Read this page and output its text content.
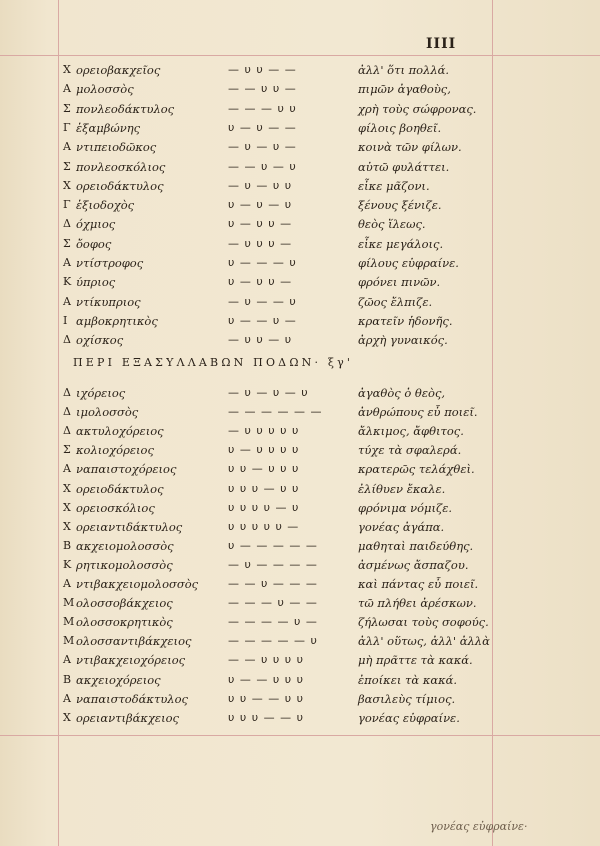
IIII
Χ ορειοβακχεῖος	— υ υ — —	ἀλλ' ὅτι πολλά.
Α μολοσσὸς	— — υ υ —	πιμῶν ἀγαθοὺς,
Σ πονλεοδάκτυλος	— — — υ υ	χρὴ τοὺς σώφρονας.
Γ ἑξαμβώνης	υ — υ — —	φίλοις βοηθεῖ.
Α ντιπειοδῶκος	— υ — υ —	κοινὰ τῶν φίλων.
Σ πονλεοσκόλιος	— — υ — υ	αὐτῶ φυλάττει.
Χ ορειοδάκτυλος	— υ — υ υ	εἶκε μᾶζονι.
Γ ἑξιοδοχὸς	υ — υ — υ	ξένους ξένιζε.
Δ όχμιος	υ — υ υ —	θεὸς ἵλεως.
Σ ὄοφος	— υ υ υ —	εἶκε μεγάλοις.
Α ντίστροφος	υ — — — υ	φίλους εὐφραίνε.
Κ ύπριος	υ — υ υ —	φρόνει πινῶν.
Α ντίκυπριος	— υ — — υ	ζῶος ἔλπιζε.
Ι αμβοκρητικὸς	υ — — υ —	κρατεῖν ἡδονῆς.
Δ οχίσκος	— υ υ — υ	ἀρχὴ γυναικός.
ΠΕΡΙ ΕΞΑΣΥΛΛΑΒΩΝ ΠΟΔΩΝ· ξγ'
Δ ιχόρειος	— υ — υ — υ	ἀγαθὸς ὁ θεὸς,
Δ ιμολοσσὸς	— — — — — —	ἀνθρώπους εὖ ποιεῖ.
Δ ακτυλοχόρειος	— υ υ υ υ υ	ἄλκιμος, ἄφθιτος.
Σ κολιοχόρειος	υ — υ υ υ υ	τύχε τὰ σφαλερά.
Α ναπαιστοχόρειος	υ υ — υ υ υ	κρατερῶς τελάχθεὶ.
Χ ορειοδάκτυλος	υ υ υ — υ υ	ἐλίθυεν ἔκαλε.
Χ ορειοσκόλιος	υ υ υ υ — υ	φρόνιμα νόμιζε.
Χ ορειαντιδάκτυλος	υ υ υ υ υ —	γονέας ἀγάπα.
Β ακχειομολοσσὸς	υ — — — — —	μαθηταὶ παιδεύθης.
Κ ρητικομολοσσὸς	— υ — — — —	ἀσμένως ἄσπαζου.
Α ντιβακχειομολοσσὸς	— — υ — — —	καὶ πάντας εὖ ποιεῖ.
Μ ολοσσοβάκχειος	— — — υ — —	τῶ πλήθει ἀρέσκων.
Μ ολοσσοκρητικὸς	— — — — υ —	ζήλωσαι τοὺς σοφούς.
Μ ολοσσαντιβάκχειος	— — — — — υ	ἀλλ' οὕτως, ἀλλ' ἀλλὰ
Α ντιβακχειοχόρειος	— — υ υ υ υ	μὴ πρᾶττε τὰ κακά.
Β ακχειοχόρειος	υ — — υ υ υ	ἐποίκει τὰ κακά.
Α ναπαιστοδάκτυλος	υ υ — — υ υ	βασιλεὺς τίμιος.
Χ ορειαντιβάκχειος	υ υ υ — — υ	γονέας εὐφραίνε.
γονέας εὐφραίνε·
